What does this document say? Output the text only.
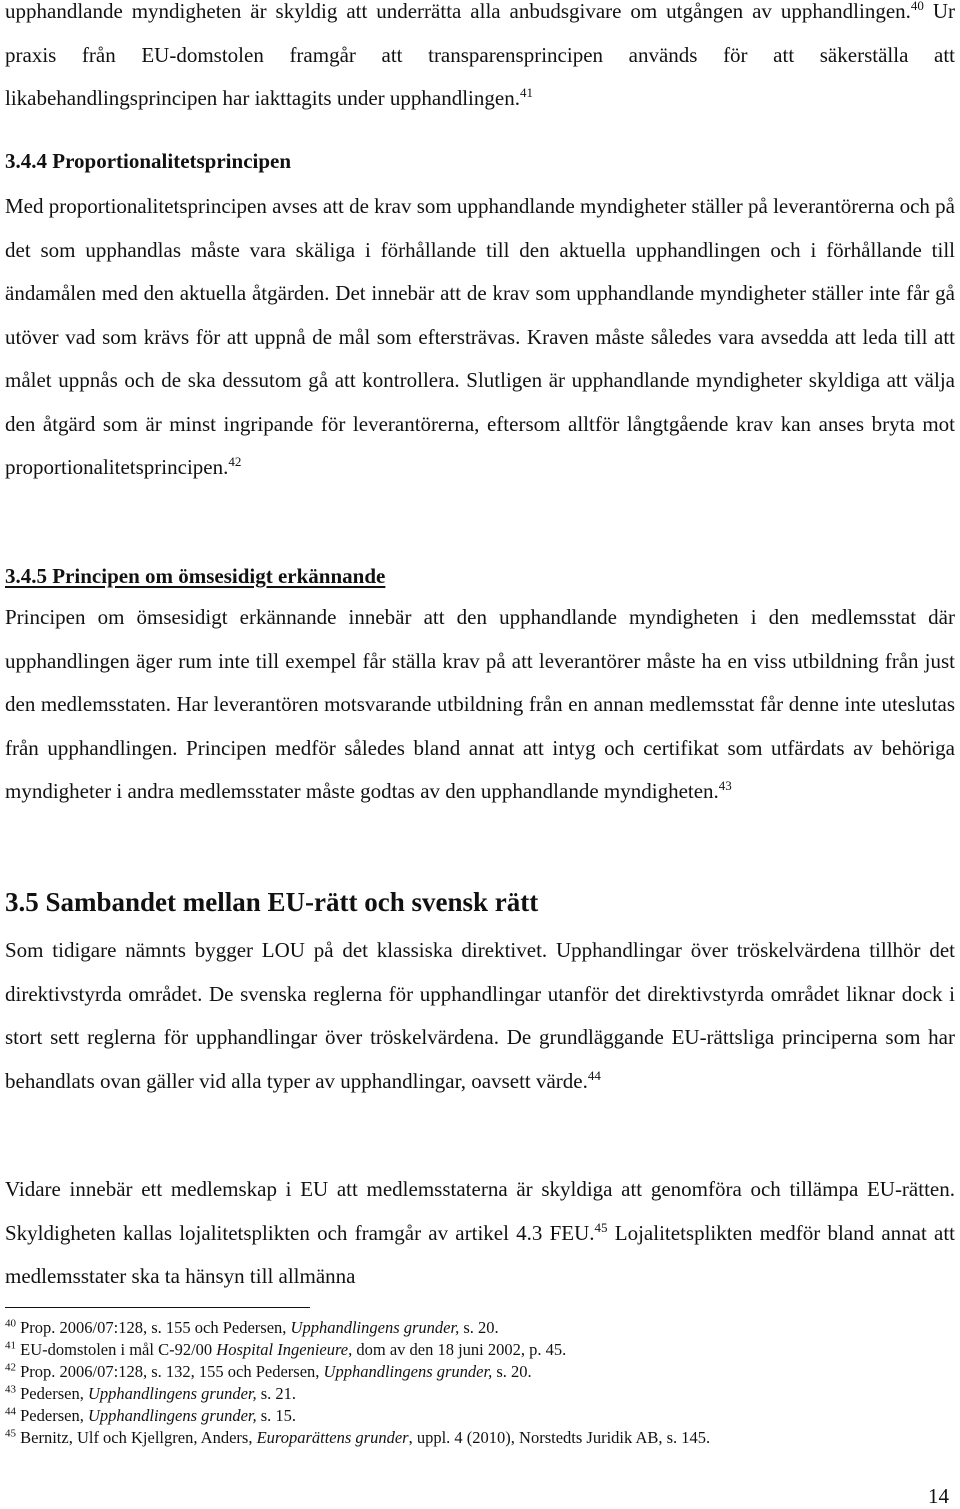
upphandlande myndigheten är skyldig att underrätta alla anbudsgivare om utgången av upphandlingen.$^{40}$ Ur praxis från EU-domstolen framgår att transparensprincipen används för att säkerställa att likabehandlingsprincipen har iakttagits under upphandlingen.$^{41}$

3.4.4 Proportionalitetsprincipen

Med proportionalitetsprincipen avses att de krav som upphandlande myndigheter ställer på leverantörerna och på det som upphandlas måste vara skäliga i förhållande till den aktuella upphandlingen och i förhållande till ändamålen med den aktuella åtgärden. Det innebär att de krav som upphandlande myndigheter ställer inte får gå utöver vad som krävs för att uppnå de mål som eftersträvas. Kraven måste således vara avsedda att leda till att målet uppnås och de ska dessutom gå att kontrollera. Slutligen är upphandlande myndigheter skyldiga att välja den åtgärd som är minst ingripande för leverantörerna, eftersom alltför långtgående krav kan anses bryta mot proportionalitetsprincipen.$^{42}$

3.4.5 Principen om ömsesidigt erkännande

Principen om ömsesidigt erkännande innebär att den upphandlande myndigheten i den medlemsstat där upphandlingen äger rum inte till exempel får ställa krav på att leverantörer måste ha en viss utbildning från just den medlemsstaten. Har leverantören motsvarande utbildning från en annan medlemsstat får denne inte uteslutas från upphandlingen. Principen medför således bland annat att intyg och certifikat som utfärdats av behöriga myndigheter i andra medlemsstater måste godtas av den upphandlande myndigheten.$^{43}$

3.5 Sambandet mellan EU-rätt och svensk rätt

Som tidigare nämnts bygger LOU på det klassiska direktivet. Upphandlingar över tröskelvärdena tillhör det direktivstyrda området. De svenska reglerna för upphandlingar utanför det direktivstyrda området liknar dock i stort sett reglerna för upphandlingar över tröskelvärdena. De grundläggande EU-rättsliga principerna som har behandlats ovan gäller vid alla typer av upphandlingar, oavsett värde.$^{44}$

Vidare innebär ett medlemskap i EU att medlemsstaterna är skyldiga att genomföra och tillämpa EU-rätten. Skyldigheten kallas lojalitetsplikten och framgår av artikel 4.3 FEU.$^{45}$ Lojalitetsplikten medför bland annat att medlemsstater ska ta hänsyn till allmänna

$^{40}$ Prop. 2006/07:128, s. 155 och Pedersen, Upphandlingens grunder, s. 20.

$^{41}$ EU-domstolen i mål C-92/00 Hospital Ingenieure, dom av den 18 juni 2002, p. 45.

$^{42}$ Prop. 2006/07:128, s. 132, 155 och Pedersen, Upphandlingens grunder, s. 20.

$^{43}$ Pedersen, Upphandlingens grunder, s. 21.

$^{44}$ Pedersen, Upphandlingens grunder, s. 15.

$^{45}$ Bernitz, Ulf och Kjellgren, Anders, Europarättens grunder, uppl. 4 (2010), Norstedts Juridik AB, s. 145.

14
